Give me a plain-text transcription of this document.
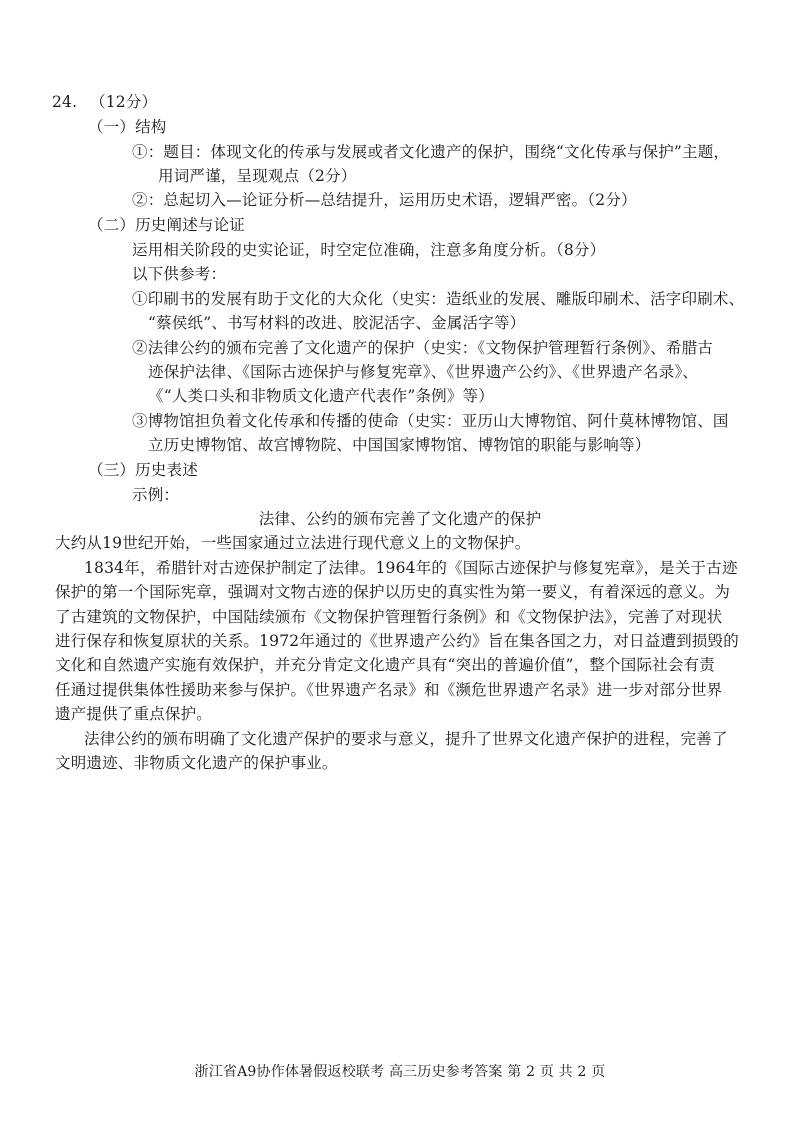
24. （12分）
（一）结构
①：题目：体现文化的传承与发展或者文化遗产的保护，围绕“文化传承与保护”主题，
用词严谨，呈现观点（2分）
②：总起切入—论证分析—总结提升，运用历史术语，逻辑严密。（2分）
（二）历史阐述与论证
运用相关阶段的史实论证，时空定位准确，注意多角度分析。（8分）
以下供参考：
①印刷书的发展有助于文化的大众化（史实：造纸业的发展、雕版印刷术、活字印刷术、
“蔡侯纸”、书写材料的改进、胶泥活字、金属活字等）
②法律公约的颁布完善了文化遗产的保护（史实：《文物保护管理暂行条例》、希腊古
迹保护法律、《国际古迹保护与修复宪章》、《世界遗产公约》、《世界遗产名录》、
《“人类口头和非物质文化遗产代表作”条例》等）
③博物馆担负着文化传承和传播的使命（史实：亚历山大博物馆、阿什莫林博物馆、国
立历史博物馆、故宫博物院、中国国家博物馆、博物馆的职能与影响等）
（三）历史表述
示例：
法律、公约的颁布完善了文化遗产的保护
大约从19世纪开始，一些国家通过立法进行现代意义上的文物保护。
1834年，希腊针对古迹保护制定了法律。1964年的《国际古迹保护与修复宪章》，是关于古迹
保护的第一个国际宪章，强调对文物古迹的保护以历史的真实性为第一要义，有着深远的意义。为
了古建筑的文物保护，中国陆续颁布《文物保护管理暂行条例》和《文物保护法》，完善了对现状
进行保存和恢复原状的关系。1972年通过的《世界遗产公约》旨在集各国之力，对日益遭到损毁的
文化和自然遗产实施有效保护，并充分肯定文化遗产具有“突出的普遍价值”，整个国际社会有责
任通过提供集体性援助来参与保护。《世界遗产名录》和《濒危世界遗产名录》进一步对部分世界
遗产提供了重点保护。
法律公约的颁布明确了文化遗产保护的要求与意义，提升了世界文化遗产保护的进程，完善了
文明遗迹、非物质文化遗产的保护事业。
浙江省A9协作体暑假返校联考 高三历史参考答案 第 2 页 共 2 页
